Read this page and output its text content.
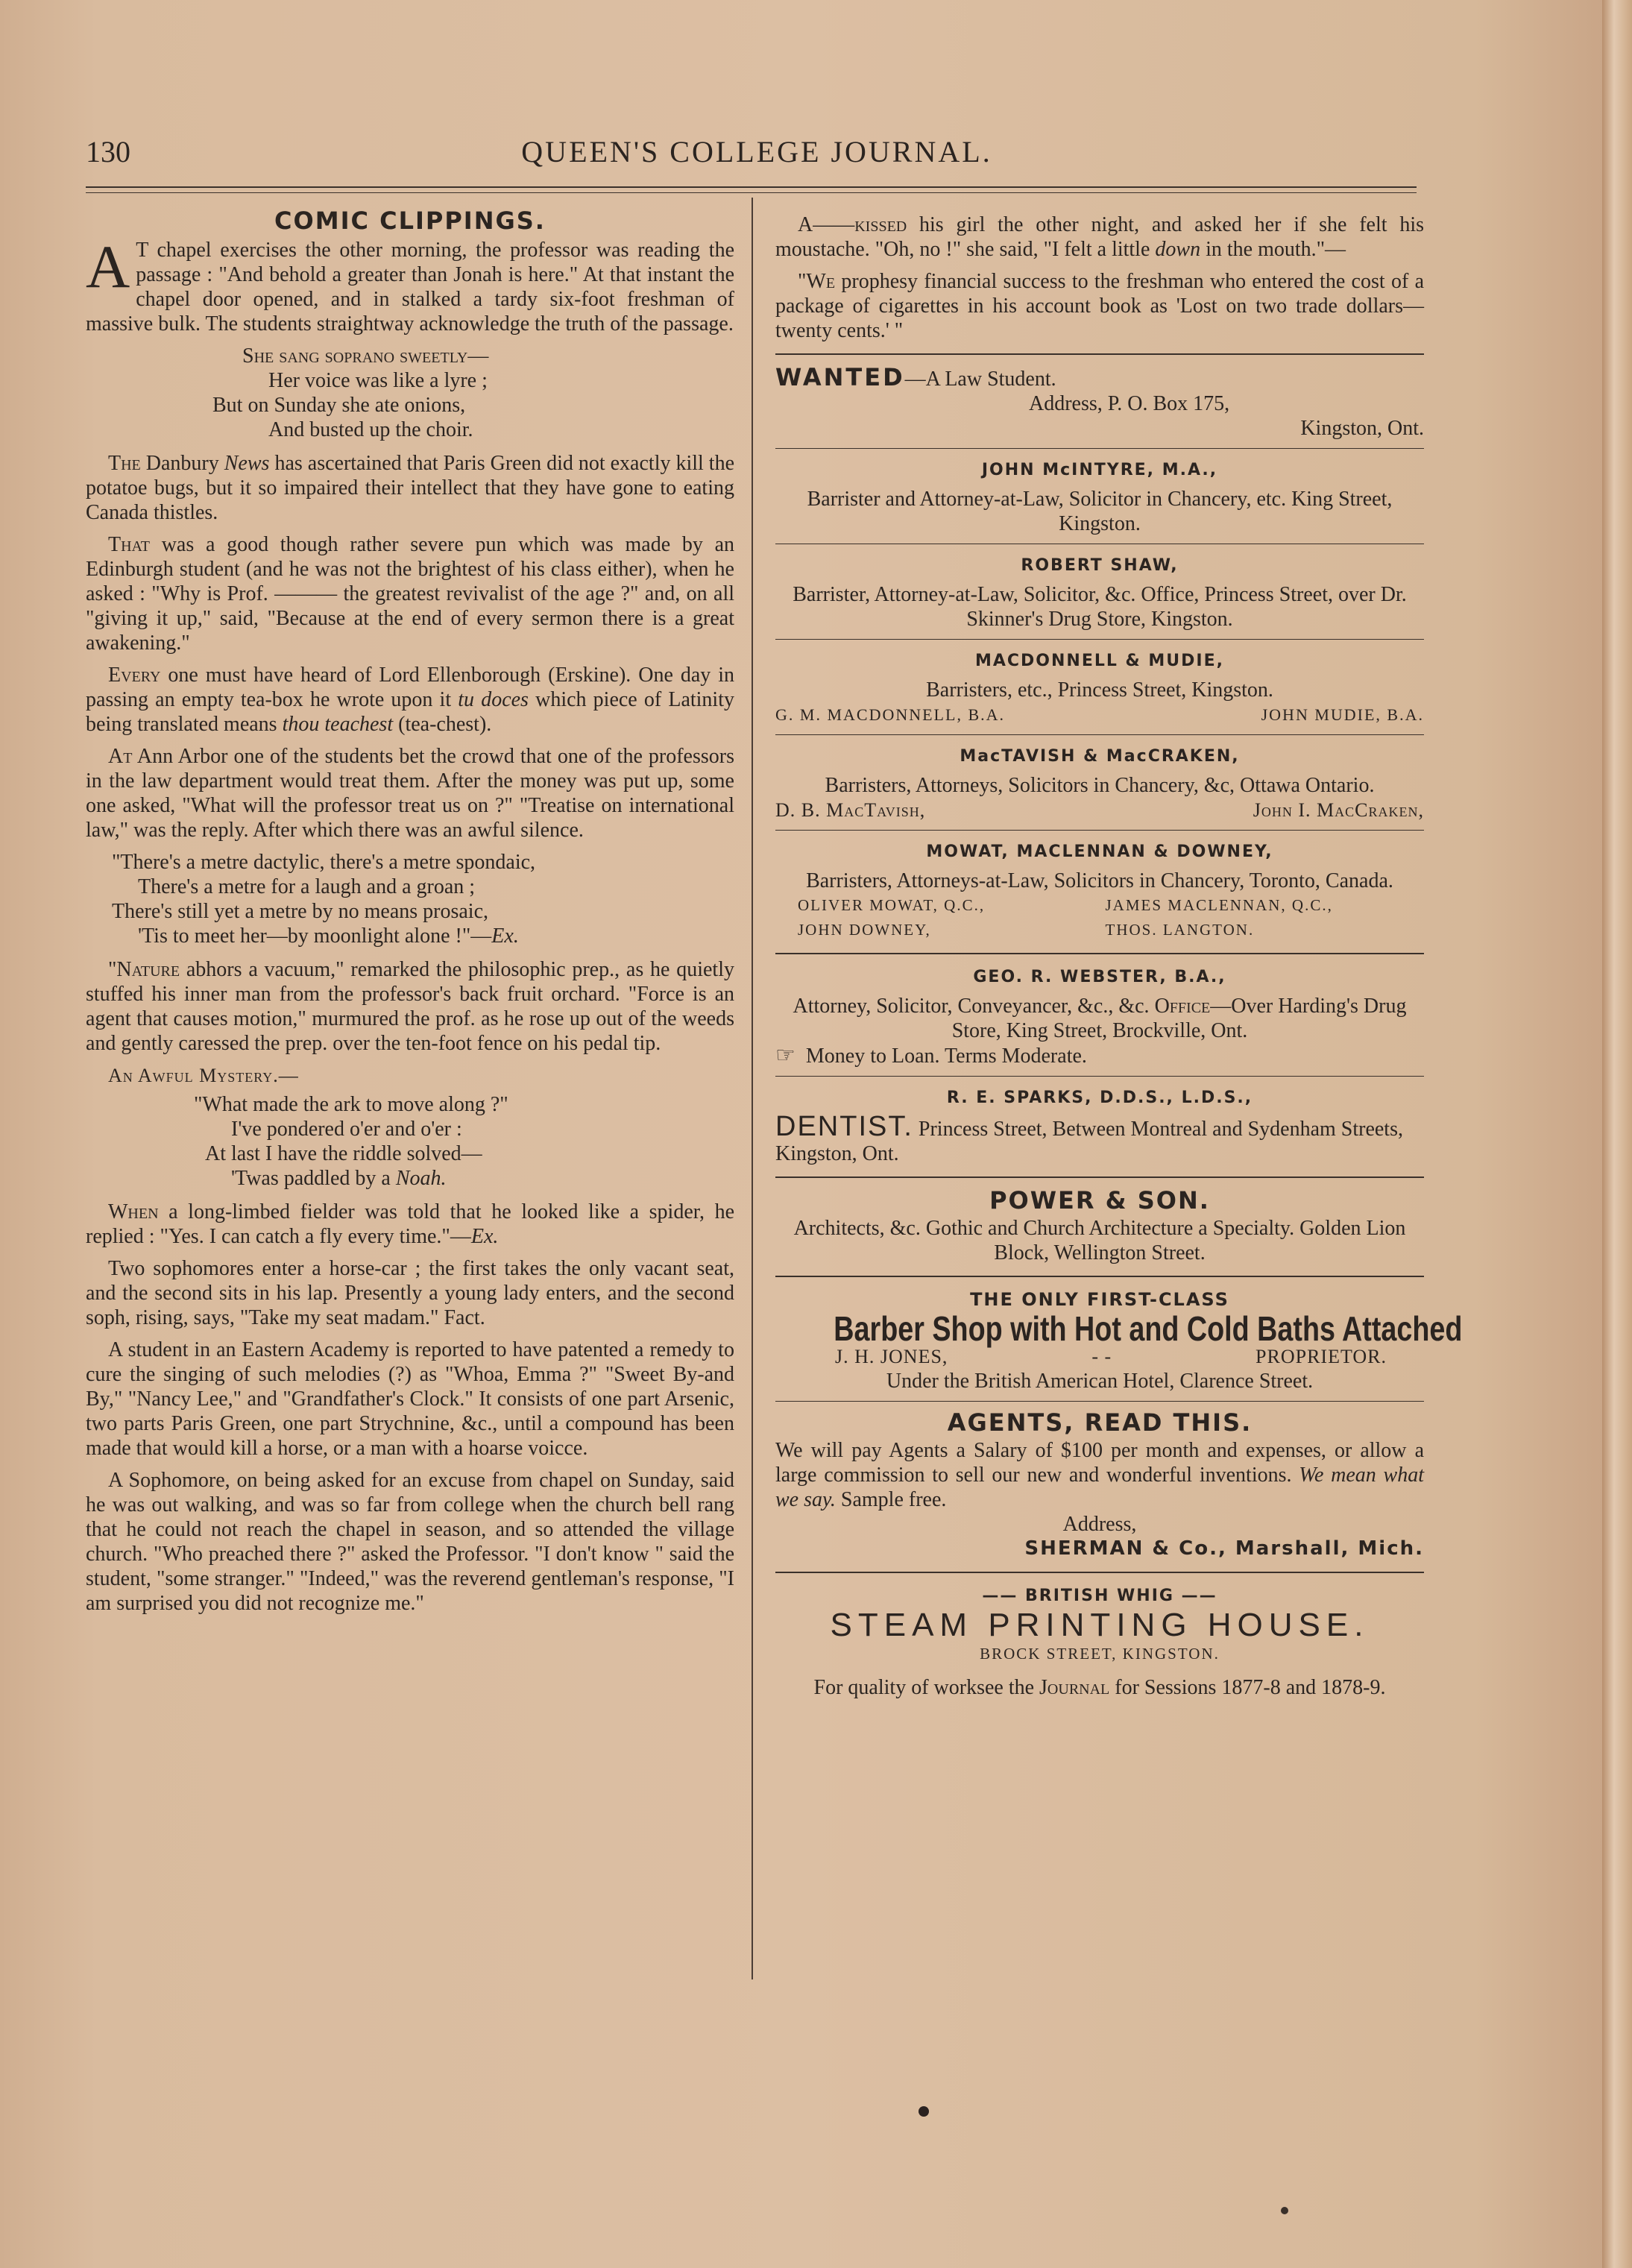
130	QUEEN'S COLLEGE JOURNAL.
COMIC CLIPPINGS.

A T chapel exercises the other morning, the professor was reading the passage : "And behold a greater than Jonah is here." At that instant the chapel door opened, and in stalked a tardy six-foot freshman of massive bulk. The students straightway acknowledge the truth of the passage.

She sang soprano sweetly—
Her voice was like a lyre ;
But on Sunday she ate onions,
And busted up the choir.

The Danbury News has ascertained that Paris Green did not exactly kill the potatoe bugs, but it so impaired their intellect that they have gone to eating Canada thistles.

That was a good though rather severe pun which was made by an Edinburgh student (and he was not the brightest of his class either), when he asked : "Why is Prof. ——— the greatest revivalist of the age ?" and, on all "giving it up," said, "Because at the end of every sermon there is a great awakening."

Every one must have heard of Lord Ellenborough (Erskine). One day in passing an empty tea-box he wrote upon it tu doces which piece of Latinity being translated means thou teachest (tea-chest).

At Ann Arbor one of the students bet the crowd that one of the professors in the law department would treat them. After the money was put up, some one asked, "What will the professor treat us on ?" "Treatise on international law," was the reply. After which there was an awful silence.

"There's a metre dactylic, there's a metre spondaic,
There's a metre for a laugh and a groan ;
There's still yet a metre by no means prosaic,
'Tis to meet her—by moonlight alone !"—Ex.

"Nature abhors a vacuum," remarked the philosophic prep., as he quietly stuffed his inner man from the professor's back fruit orchard. "Force is an agent that causes motion," murmured the prof. as he rose up out of the weeds and gently caressed the prep. over the ten-foot fence on his pedal tip.

An Awful Mystery.—
"What made the ark to move along ?"
I've pondered o'er and o'er :
At last I have the riddle solved—
'Twas paddled by a Noah.

When a long-limbed fielder was told that he looked like a spider, he replied : "Yes. I can catch a fly every time."—Ex.

Two sophomores enter a horse-car ; the first takes the only vacant seat, and the second sits in his lap. Presently a young lady enters, and the second soph, rising, says, "Take my seat madam." Fact.

A student in an Eastern Academy is reported to have patented a remedy to cure the singing of such melodies (?) as "Whoa, Emma ?" "Sweet By-and By," "Nancy Lee," and "Grandfather's Clock." It consists of one part Arsenic, two parts Paris Green, one part Strychnine, &c., until a compound has been made that would kill a horse, or a man with a hoarse voicce.

A Sophomore, on being asked for an excuse from chapel on Sunday, said he was out walking, and was so far from college when the church bell rang that he could not reach the chapel in season, and so attended the village church. "Who preached there ?" asked the Professor. "I don't know " said the student, "some stranger." "Indeed," was the reverend gentleman's response, "I am surprised you did not recognize me."

A——kissed his girl the other night, and asked her if she felt his moustache. "Oh, no !" she said, "I felt a little down in the mouth."—

"We prophesy financial success to the freshman who entered the cost of a package of cigarettes in his account book as 'Lost on two trade dollars—twenty cents.' "

WANTED—A Law Student.
Address, P. O. Box 175,
Kingston, Ont.
JOHN McINTYRE, M.A.,
Barrister and Attorney-at-Law, Solicitor in Chancery, etc. King Street, Kingston.
ROBERT SHAW,
Barrister, Attorney-at-Law, Solicitor, &c. Office, Princess Street, over Dr. Skinner's Drug Store, Kingston.
MACDONNELL & MUDIE,
Barristers, etc., Princess Street, Kingston.
G. M. MACDONNELL, B.A.	JOHN MUDIE, B.A.
MacTAVISH & MacCRAKEN,
Barristers, Attorneys, Solicitors in Chancery, &c, Ottawa Ontario.
D. B. MacTavish,	John I. MacCraken,
MOWAT, MACLENNAN & DOWNEY,
Barristers, Attorneys-at-Law, Solicitors in Chancery, Toronto, Canada.
OLIVER MOWAT, Q.C.,	JAMES MACLENNAN, Q.C.,
JOHN DOWNEY,	THOS. LANGTON.
GEO. R. WEBSTER, B.A.,
Attorney, Solicitor, Conveyancer, &c., &c. Office—Over Harding's Drug Store, King Street, Brockville, Ont.
☞ Money to Loan. Terms Moderate.
R. E. SPARKS, D.D.S., L.D.S.,
DENTIST. Princess Street, Between Montreal and Sydenham Streets, Kingston, Ont.
POWER & SON.
Architects, &c. Gothic and Church Architecture a Specialty. Golden Lion Block, Wellington Street.
THE ONLY FIRST-CLASS
Barber Shop with Hot and Cold Baths Attached
J. H. JONES,	- -	PROPRIETOR.
Under the British American Hotel, Clarence Street.
AGENTS, READ THIS.
We will pay Agents a Salary of $100 per month and expenses, or allow a large commission to sell our new and wonderful inventions. We mean what we say. Sample free.
Address,
SHERMAN & Co., Marshall, Mich.
—— BRITISH WHIG ——
STEAM PRINTING HOUSE.
BROCK STREET, KINGSTON.
For quality of worksee the Journal for Sessions 1877-8 and 1878-9.
